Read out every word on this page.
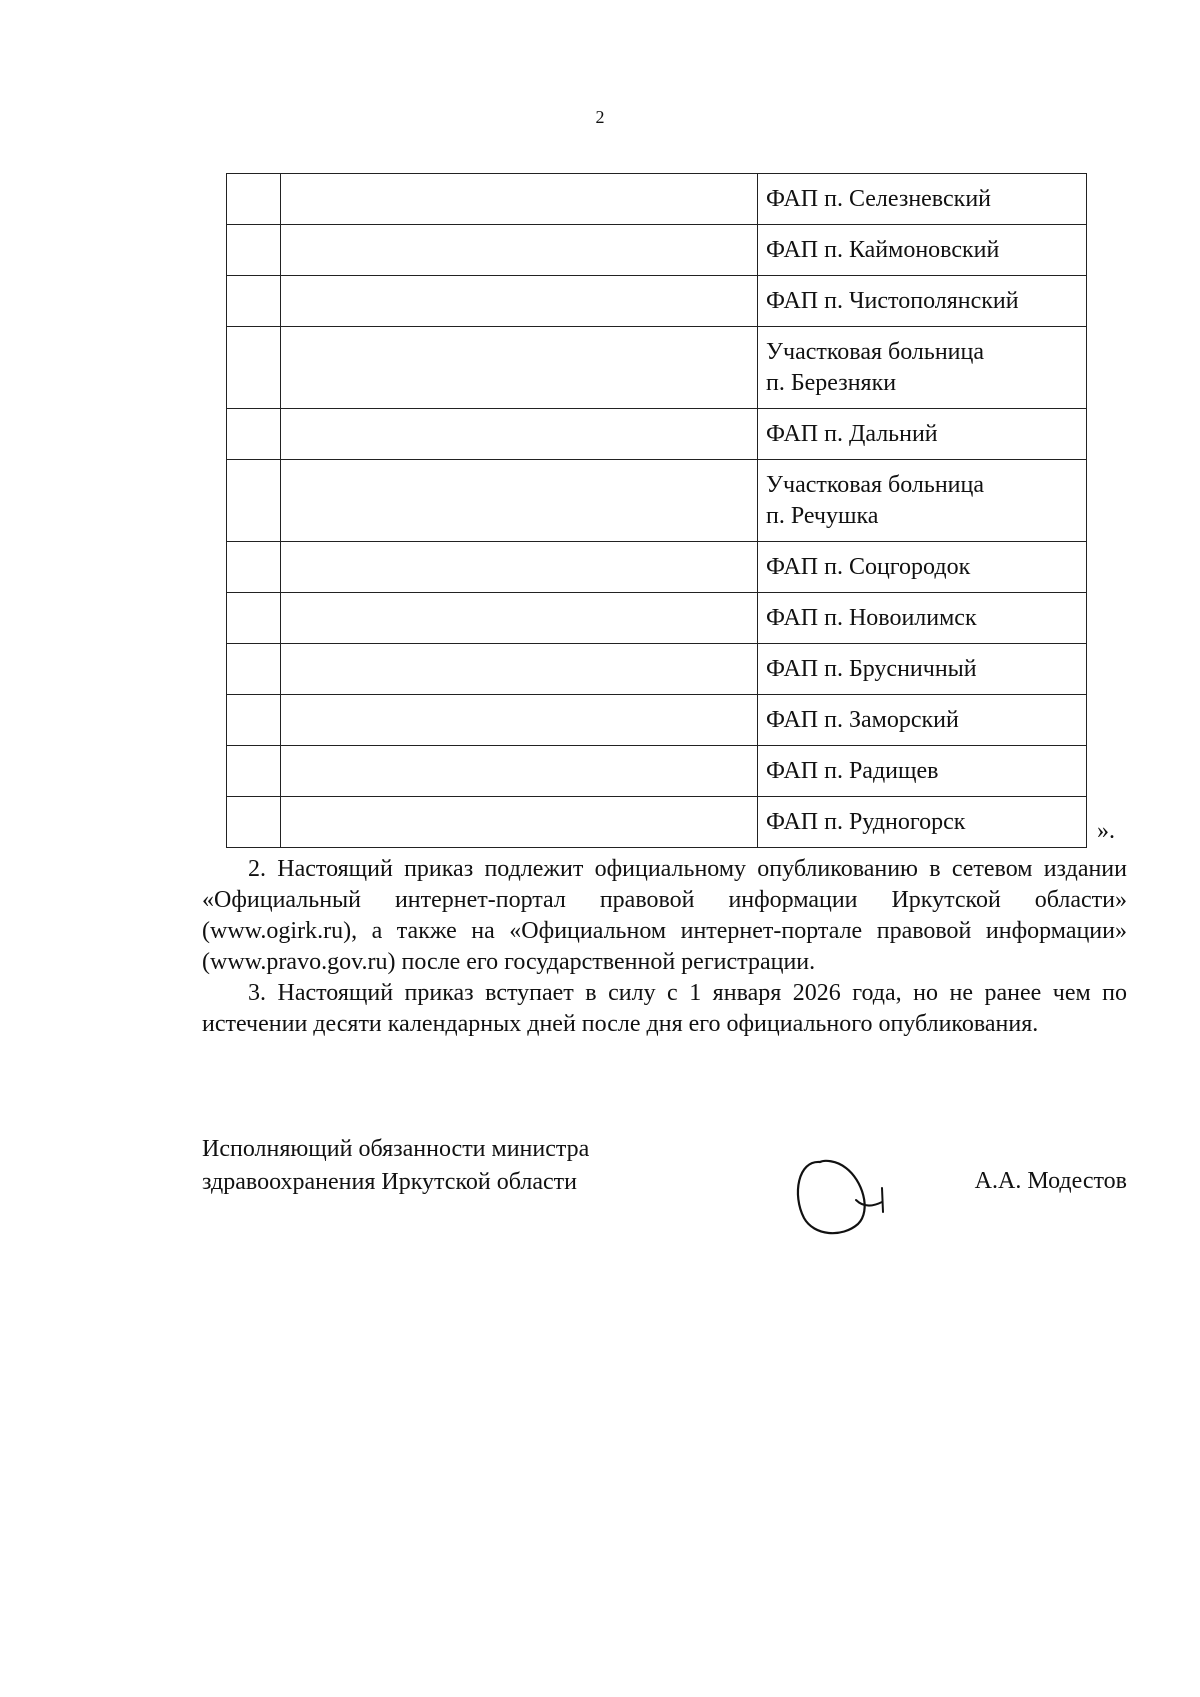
2

		ФАП п. Селезневский

		ФАП п. Каймоновский

		ФАП п. Чистополянский

		Участковая больница
п. Березняки

		ФАП п. Дальний

		Участковая больница
п. Речушка

		ФАП п. Соцгородок

		ФАП п. Новоилимск

		ФАП п. Брусничный

		ФАП п. Заморский

		ФАП п. Радищев

		ФАП п. Рудногорск	».

2. Настоящий приказ подлежит официальному опубликованию в сетевом издании «Официальный интернет-портал правовой информации Иркутской области» (www.ogirk.ru), а также на «Официальном интернет-портале правовой информации» (www.pravo.gov.ru) после его государственной регистрации.

3. Настоящий приказ вступает в силу с 1 января 2026 года, но не ранее чем по истечении десяти календарных дней после дня его официального опубликования.

Исполняющий обязанности министра
здравоохранения Иркутской области	А.А. Модестов
